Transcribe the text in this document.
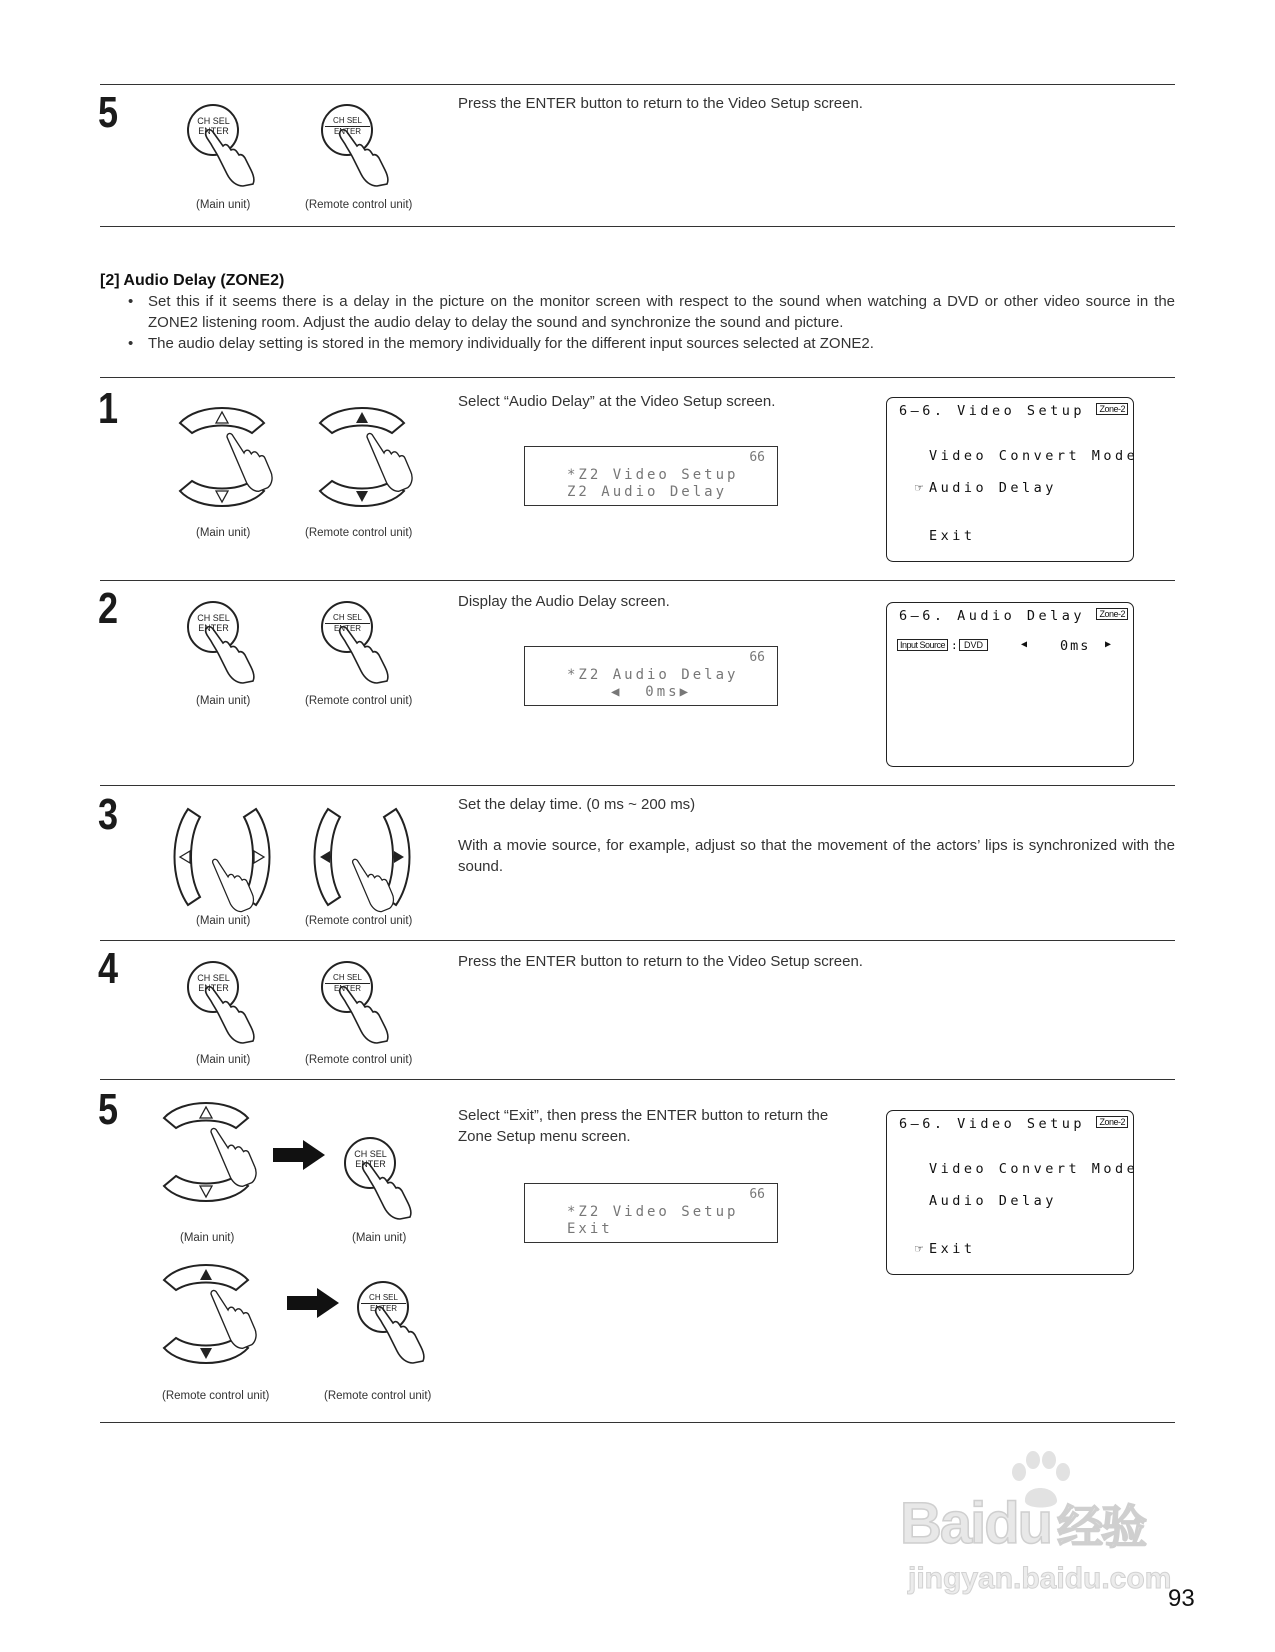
5	CH SEL
ENTER
CH SEL
ENTER
(Main unit)	(Remote control unit)
Press the ENTER button to return to the Video Setup screen.
[2] Audio Delay (ZONE2)
• Set this if it seems there is a delay in the picture on the monitor screen with respect to the sound when watching a DVD or other video source in the ZONE2 listening room. Adjust the audio delay to delay the sound and synchronize the sound and picture.
• The audio delay setting is stored in the memory individually for the different input sources selected at ZONE2.
1
(Main unit)	(Remote control unit)
Select “Audio Delay” at the Video Setup screen.
66
*Z2 Video Setup
Z2 Audio Delay
6—6. Video Setup	Zone-2
Video Convert Mode
☞ Audio Delay
Exit
2	CH SEL
ENTER
CH SEL
ENTER
(Main unit)	(Remote control unit)
Display the Audio Delay screen.
66
*Z2 Audio Delay
◀  0ms▶
6—6. Audio Delay	Zone-2
Input Source : DVD	◀ 0ms ▶
3
(Main unit)	(Remote control unit)
Set the delay time. (0 ms ~ 200 ms)
With a movie source, for example, adjust so that the movement of the actors’ lips is synchronized with the sound.
4	CH SEL
ENTER
CH SEL
ENTER
(Main unit)	(Remote control unit)
Press the ENTER button to return to the Video Setup screen.
5
CH SEL
ENTER
(Main unit)	(Main unit)
CH SEL
ENTER
(Remote control unit)	(Remote control unit)
Select “Exit”, then press the ENTER button to return the Zone Setup menu screen.
66
*Z2 Video Setup
Exit
6—6. Video Setup	Zone-2
Video Convert Mode
Audio Delay
☞ Exit
Baidu 经验
jingyan.baidu.com
93
